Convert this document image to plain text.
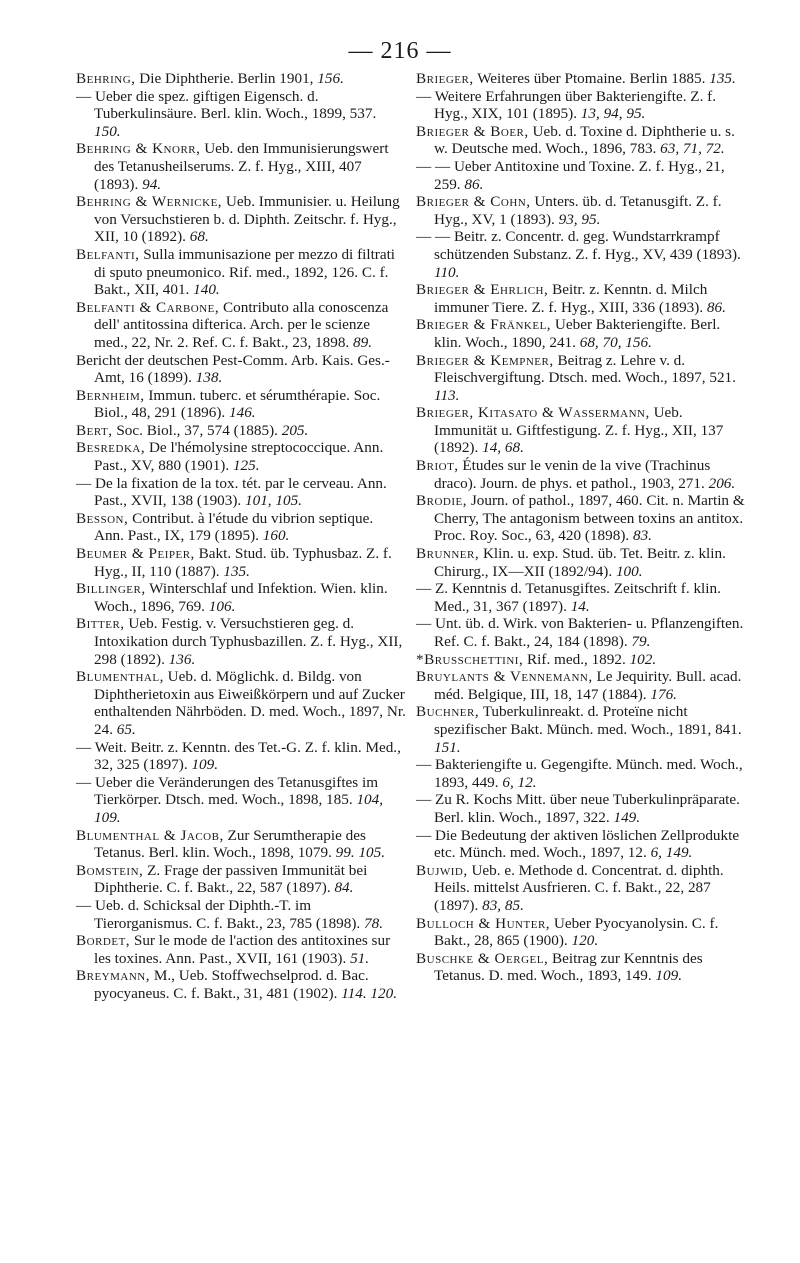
— 216 —

Behring, Die Diphtherie. Berlin 1901, 156.

— Ueber die spez. giftigen Eigensch. d. Tuberkulinsäure. Berl. klin. Woch., 1899, 537. 150.

Behring & Knorr, Ueb. den Immunisierungswert des Tetanusheilserums. Z. f. Hyg., XIII, 407 (1893). 94.

Behring & Wernicke, Ueb. Immunisier. u. Heilung von Versuchstieren b. d. Diphth. Zeitschr. f. Hyg., XII, 10 (1892). 68.

Belfanti, Sulla immunisazione per mezzo di filtrati di sputo pneumonico. Rif. med., 1892, 126. C. f. Bakt., XII, 401. 140.

Belfanti & Carbone, Contributo alla conoscenza dell' antitossina difterica. Arch. per le scienze med., 22, Nr. 2. Ref. C. f. Bakt., 23, 1898. 89.

Bericht der deutschen Pest-Comm. Arb. Kais. Ges.-Amt, 16 (1899). 138.

Bernheim, Immun. tuberc. et sérumthérapie. Soc. Biol., 48, 291 (1896). 146.

Bert, Soc. Biol., 37, 574 (1885). 205.

Besredka, De l'hémolysine streptococcique. Ann. Past., XV, 880 (1901). 125.

— De la fixation de la tox. tét. par le cerveau. Ann. Past., XVII, 138 (1903). 101, 105.

Besson, Contribut. à l'étude du vibrion septique. Ann. Past., IX, 179 (1895). 160.

Beumer & Peiper, Bakt. Stud. üb. Typhusbaz. Z. f. Hyg., II, 110 (1887). 135.

Billinger, Winterschlaf und Infektion. Wien. klin. Woch., 1896, 769. 106.

Bitter, Ueb. Festig. v. Versuchstieren geg. d. Intoxikation durch Typhusbazillen. Z. f. Hyg., XII, 298 (1892). 136.

Blumenthal, Ueb. d. Möglichk. d. Bildg. von Diphtherietoxin aus Eiweißkörpern und auf Zucker enthaltenden Nährböden. D. med. Woch., 1897, Nr. 24. 65.

— Weit. Beitr. z. Kenntn. des Tet.-G. Z. f. klin. Med., 32, 325 (1897). 109.

— Ueber die Veränderungen des Tetanusgiftes im Tierkörper. Dtsch. med. Woch., 1898, 185. 104, 109.

Blumenthal & Jacob, Zur Serumtherapie des Tetanus. Berl. klin. Woch., 1898, 1079. 99. 105.

Bomstein, Z. Frage der passiven Immunität bei Diphtherie. C. f. Bakt., 22, 587 (1897). 84.

— Ueb. d. Schicksal der Diphth.-T. im Tierorganismus. C. f. Bakt., 23, 785 (1898). 78.

Bordet, Sur le mode de l'action des antitoxines sur les toxines. Ann. Past., XVII, 161 (1903). 51.

Breymann, M., Ueb. Stoffwechselprod. d. Bac. pyocyaneus. C. f. Bakt., 31, 481 (1902). 114. 120.

Brieger, Weiteres über Ptomaine. Berlin 1885. 135.

— Weitere Erfahrungen über Bakteriengifte. Z. f. Hyg., XIX, 101 (1895). 13, 94, 95.

Brieger & Boer, Ueb. d. Toxine d. Diphtherie u. s. w. Deutsche med. Woch., 1896, 783. 63, 71, 72.

— — Ueber Antitoxine und Toxine. Z. f. Hyg., 21, 259. 86.

Brieger & Cohn, Unters. üb. d. Tetanusgift. Z. f. Hyg., XV, 1 (1893). 93, 95.

— — Beitr. z. Concentr. d. geg. Wundstarrkrampf schützenden Substanz. Z. f. Hyg., XV, 439 (1893). 110.

Brieger & Ehrlich, Beitr. z. Kenntn. d. Milch immuner Tiere. Z. f. Hyg., XIII, 336 (1893). 86.

Brieger & Fränkel, Ueber Bakteriengifte. Berl. klin. Woch., 1890, 241. 68, 70, 156.

Brieger & Kempner, Beitrag z. Lehre v. d. Fleischvergiftung. Dtsch. med. Woch., 1897, 521. 113.

Brieger, Kitasato & Wassermann, Ueb. Immunität u. Giftfestigung. Z. f. Hyg., XII, 137 (1892). 14, 68.

Briot, Études sur le venin de la vive (Trachinus draco). Journ. de phys. et pathol., 1903, 271. 206.

Brodie, Journ. of pathol., 1897, 460. Cit. n. Martin & Cherry, The antagonism between toxins an antitox. Proc. Roy. Soc., 63, 420 (1898). 83.

Brunner, Klin. u. exp. Stud. üb. Tet. Beitr. z. klin. Chirurg., IX—XII (1892/94). 100.

— Z. Kenntnis d. Tetanusgiftes. Zeitschrift f. klin. Med., 31, 367 (1897). 14.

— Unt. üb. d. Wirk. von Bakterien- u. Pflanzengiften. Ref. C. f. Bakt., 24, 184 (1898). 79.

*Brusschettini, Rif. med., 1892. 102.

Bruylants & Vennemann, Le Jequirity. Bull. acad. méd. Belgique, III, 18, 147 (1884). 176.

Buchner, Tuberkulinreakt. d. Proteïne nicht spezifischer Bakt. Münch. med. Woch., 1891, 841. 151.

— Bakteriengifte u. Gegengifte. Münch. med. Woch., 1893, 449. 6, 12.

— Zu R. Kochs Mitt. über neue Tuberkulinpräparate. Berl. klin. Woch., 1897, 322. 149.

— Die Bedeutung der aktiven löslichen Zellprodukte etc. Münch. med. Woch., 1897, 12. 6, 149.

Bujwid, Ueb. e. Methode d. Concentrat. d. diphth. Heils. mittelst Ausfrieren. C. f. Bakt., 22, 287 (1897). 83, 85.

Bulloch & Hunter, Ueber Pyocyanolysin. C. f. Bakt., 28, 865 (1900). 120.

Buschke & Oergel, Beitrag zur Kenntnis des Tetanus. D. med. Woch., 1893, 149. 109.
